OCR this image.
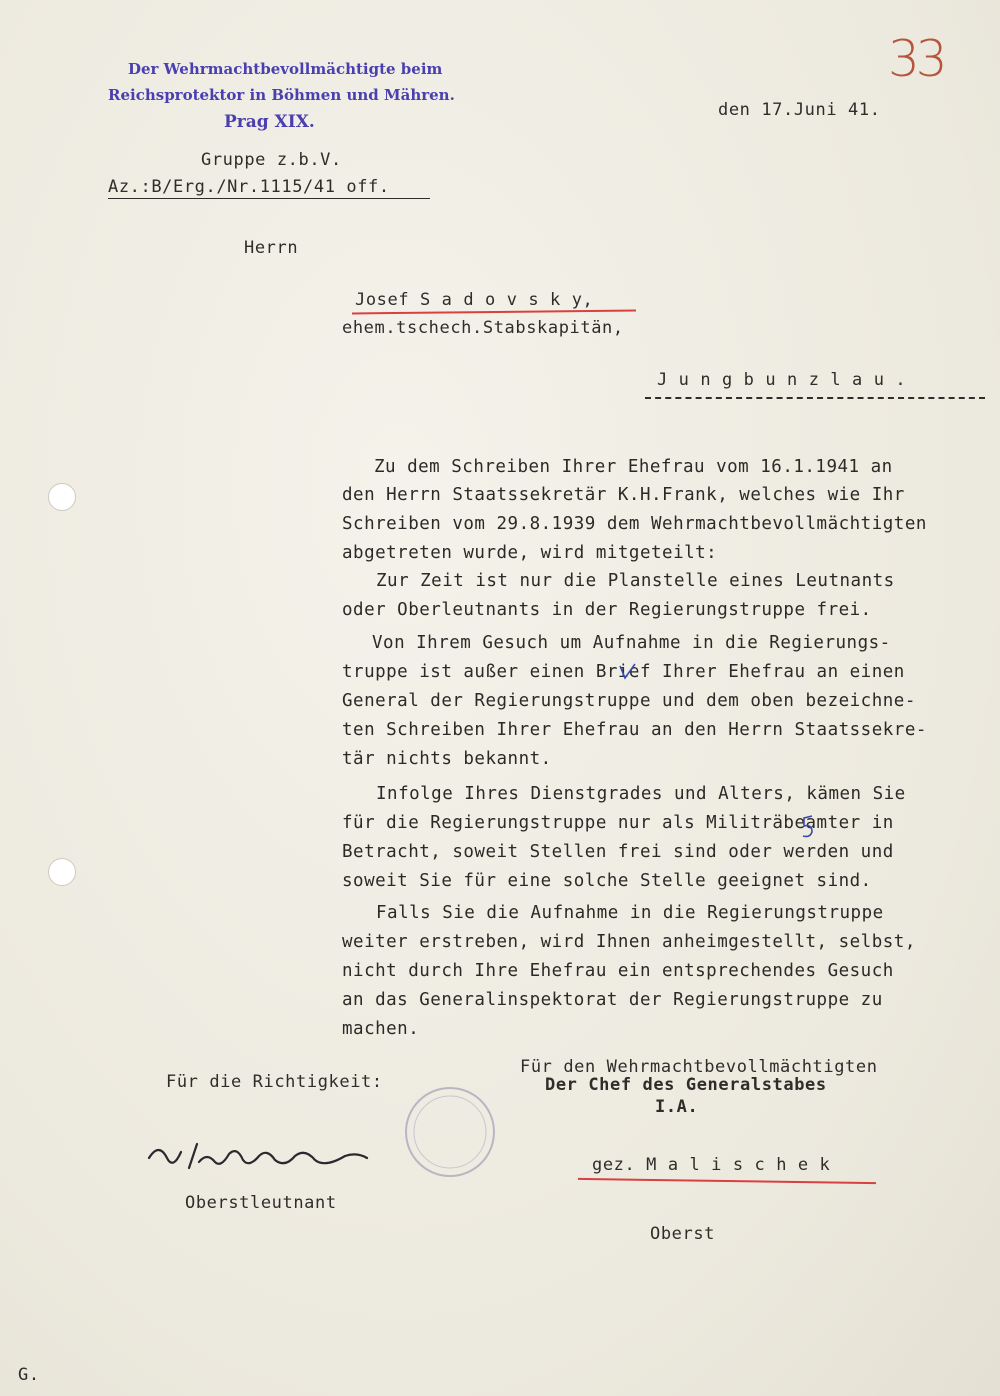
Der Wehrmachtbevollmächtigte beim
Reichsprotektor in Böhmen und Mähren.
Prag XIX.
33
den 17.Juni 41.
Gruppe z.b.V.
Az.:B/Erg./Nr.1115/41 off.
Herrn
Josef S a d o v s k y,
ehem.tschech.Stabskapitän,
J u n g b u n z l a u .
Zu dem Schreiben Ihrer Ehefrau vom 16.1.1941 an
den Herrn Staatssekretär K.H.Frank, welches wie Ihr
Schreiben vom 29.8.1939 dem Wehrmachtbevollmächtigten
abgetreten wurde, wird mitgeteilt:
Zur Zeit ist nur die Planstelle eines Leutnants
oder Oberleutnants in der Regierungstruppe frei.
Von Ihrem Gesuch um Aufnahme in die Regierungs-
truppe ist außer einen Brief Ihrer Ehefrau an einen
General der Regierungstruppe und dem oben bezeichne-
ten Schreiben Ihrer Ehefrau an den Herrn Staatssekre-
tär nichts bekannt.
Infolge Ihres Dienstgrades und Alters, kämen Sie
für die Regierungstruppe nur als Militräbeamter in
Betracht, soweit Stellen frei sind oder werden und
soweit Sie für eine solche Stelle geeignet sind.
Falls Sie die Aufnahme in die Regierungstruppe
weiter erstreben, wird Ihnen anheimgestellt, selbst,
nicht durch Ihre Ehefrau ein entsprechendes Gesuch
an das Generalinspektorat der Regierungstruppe zu
machen.
Für den Wehrmachtbevollmächtigten
Der Chef des Generalstabes
I.A.
Für die Richtigkeit:
Oberstleutnant
gez. M a l i s c h e k
Oberst
G.
